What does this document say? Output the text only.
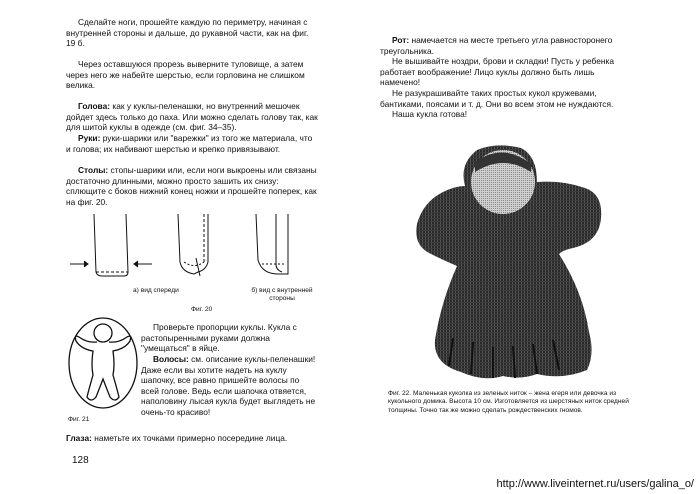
Сделайте ноги, прошейте каждую по периметру, начиная с внутренней стороны и дальше, до рукавной части, как на фиг. 19 б.

Через оставшуюся прорезь выверните туловище, а затем через него же набейте шерстью, если горловина не слишком велика.

Голова: как у куклы-пеленашки, но внутренний мешочек дойдет здесь только до паха. Или можно сделать голову так, как для шитой куклы в одежде (см. фиг. 34–35).

Руки: руки-шарики или "варежки" из того же материала, что и голова; их набивают шерстью и крепко привязывают.

Столы: стопы-шарики или, если ноги выкроены или связаны достаточно длинными, можно просто зашить их снизу: сплющите с боков нижний конец ножки и прошейте поперек, как на фиг. 20.

а) вид спереди	б) вид с внутренней стороны
Фиг. 20
Фиг. 21

Проверьте пропорции куклы. Кукла с растопыренными руками должна "умещаться" в яйце.

Волосы: см. описание куклы-пеленашки! Даже если вы хотите надеть на куклу шапочку, все равно пришейте волосы по всей голове. Ведь если шапочка отвяется, наполовину лысая кукла будет выглядеть не очень-то красиво!

Глаза: наметьте их точками примерно посередине лица.

128

Рот: намечается на месте третьего угла равносторонего треугольника.

Не вышивайте ноздри, брови и складки! Пусть у ребенка работает воображение! Лицо куклы должно быть лишь намечено!

Не разукрашивайте таких простых кукол кружевами, бантиками, поясами и т. д. Они во всем этом не нуждаются.

Наша кукла готова!

Фиг. 22. Маленькая куколка из зеленых ниток – жена егеря или девочка из кукольного домика. Высота 10 см. Изготовляется из шерстяных ниток средней толщины. Точно так же можно сделать рождественских гномов.

http://www.liveinternet.ru/users/galina_o/
